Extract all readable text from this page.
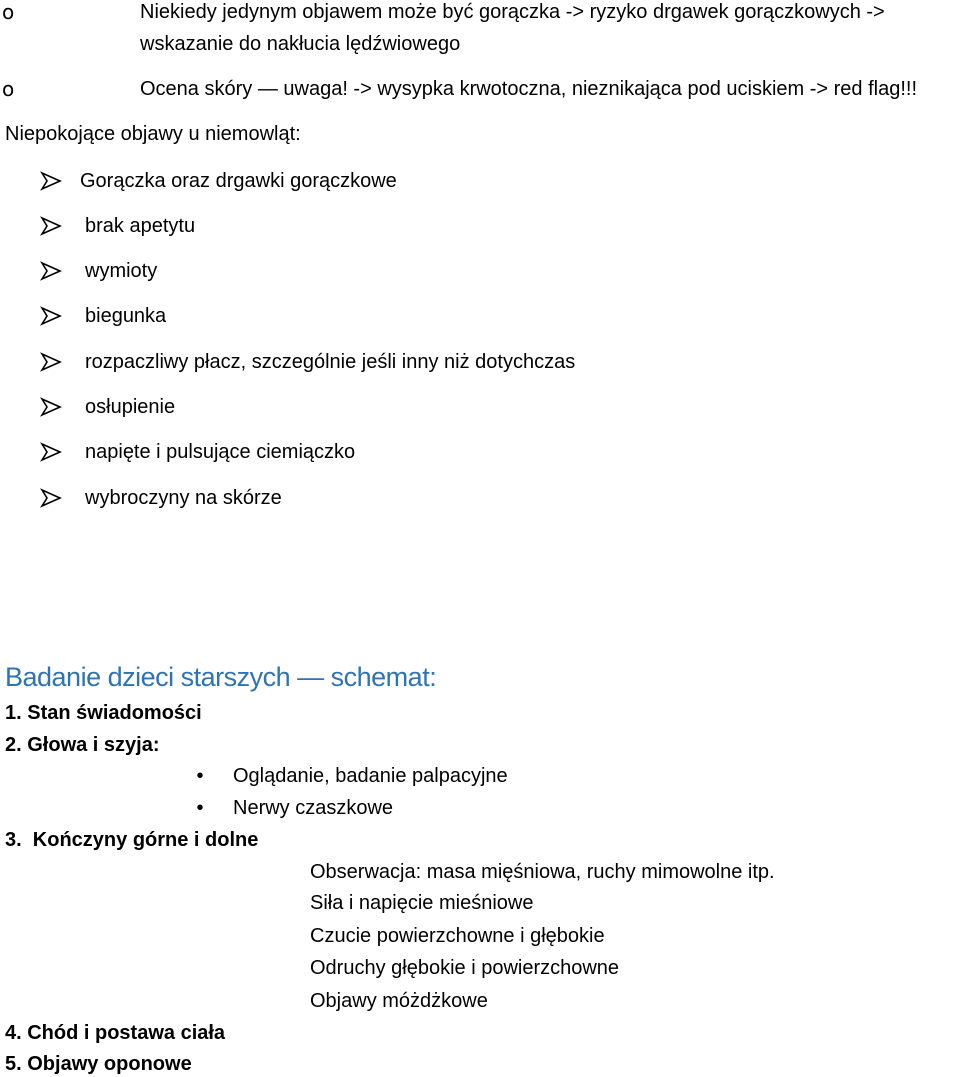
o	Niekiedy jedynym objawem może być gorączka -> ryzyko drgawek gorączkowych ->
wskazanie do nakłucia lędźwiowego
o	Ocena skóry — uwaga! -> wysypka krwotoczna, nieznikająca pod uciskiem -> red flag!!!
Niepokojące objawy u niemowląt:
Gorączka oraz drgawki gorączkowe
brak apetytu
wymioty
biegunka
rozpaczliwy płacz, szczególnie jeśli inny niż dotychczas
osłupienie
napięte i pulsujące ciemiączko
wybroczyny na skórze
Badanie dzieci starszych — schemat:
1. Stan świadomości
2. Głowa i szyja:
• Oglądanie, badanie palpacyjne
• Nerwy czaszkowe
3.  Kończyny górne i dolne
Obserwacja: masa mięśniowa, ruchy mimowolne itp.
Siła i napięcie mieśniowe
Czucie powierzchowne i głębokie
Odruchy głębokie i powierzchowne
Objawy móżdżkowe
4. Chód i postawa ciała
5. Objawy oponowe
